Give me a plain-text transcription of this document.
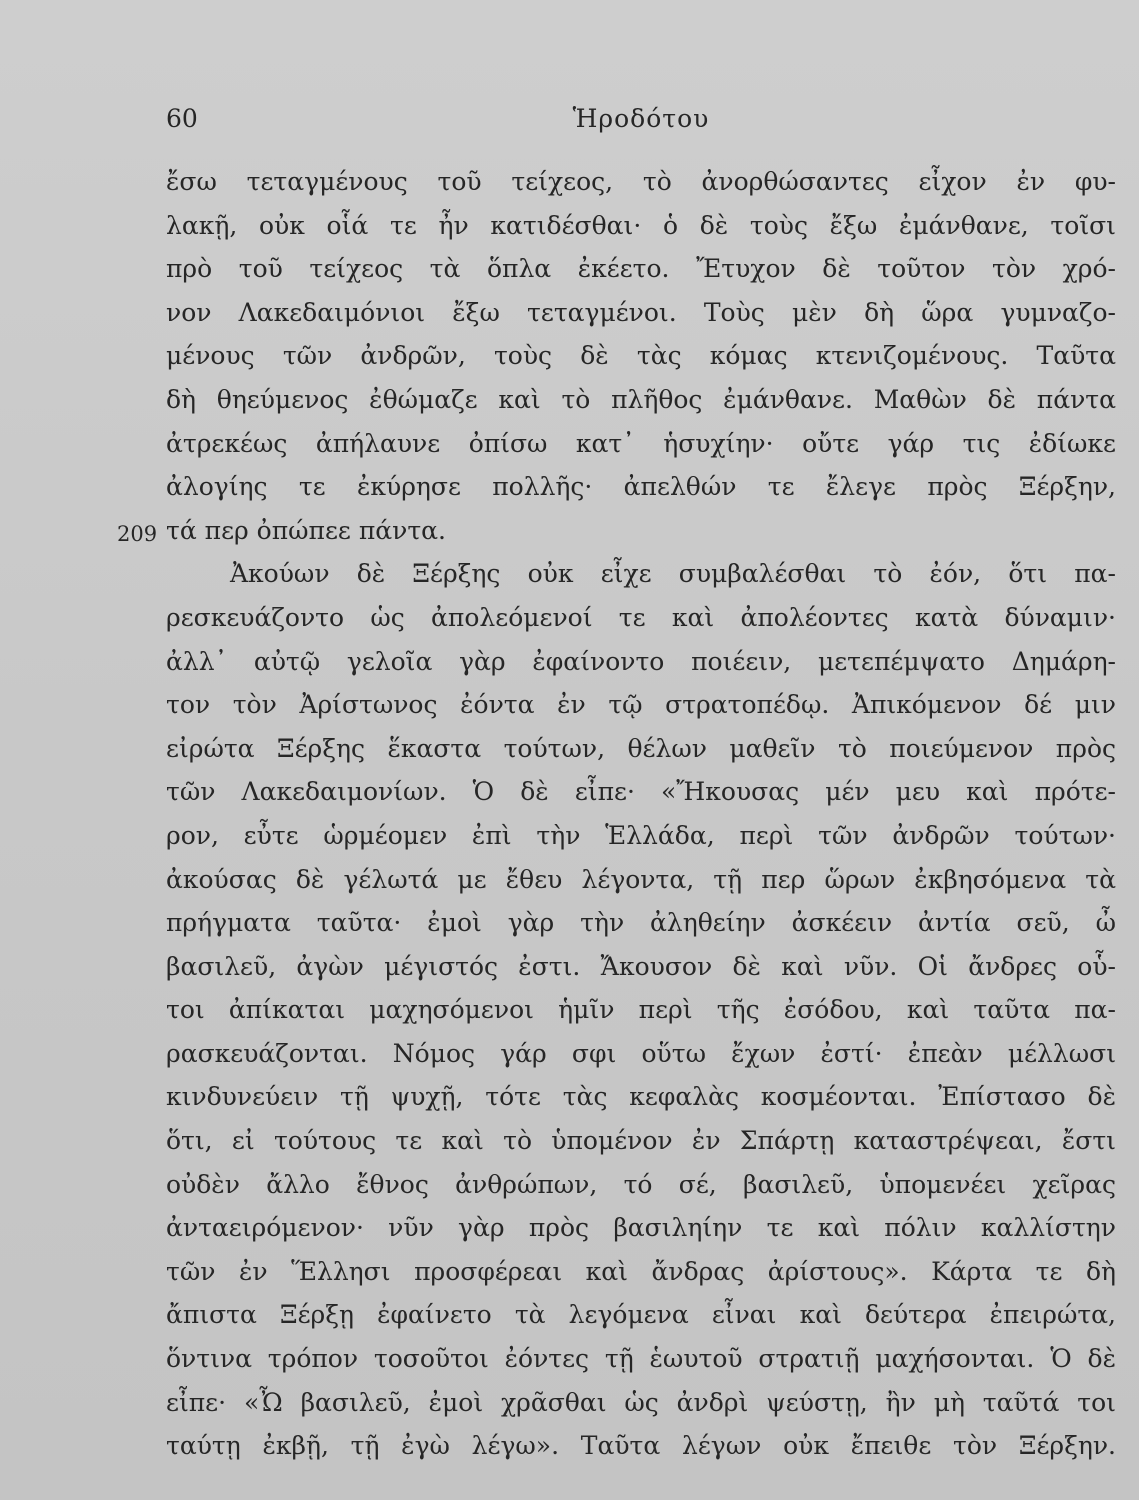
60	Ἡροδότου
209
ἔσω τεταγμένους τοῦ τείχεος, τὸ ἀνορθώσαντες εἶχον ἐν φυ-
λακῇ, οὐκ οἷά τε ἦν κατιδέσθαι· ὁ δὲ τοὺς ἔξω ἐμάνθανε, τοῖσι
πρὸ τοῦ τείχεος τὰ ὅπλα ἐκέετο. Ἔτυχον δὲ τοῦτον τὸν χρό-
νον Λακεδαιμόνιοι ἔξω τεταγμένοι. Τοὺς μὲν δὴ ὥρα γυμναζο-
μένους τῶν ἀνδρῶν, τοὺς δὲ τὰς κόμας κτενιζομένους. Ταῦτα
δὴ θηεύμενος ἐθώμαζε καὶ τὸ πλῆθος ἐμάνθανε. Μαθὼν δὲ πάντα
ἀτρεκέως ἀπήλαυνε ὀπίσω κατ᾽ ἡσυχίην· οὔτε γάρ τις ἐδίωκε
ἀλογίης τε ἐκύρησε πολλῆς· ἀπελθών τε ἔλεγε πρὸς Ξέρξην,
τά περ ὀπώπεε πάντα.
Ἀκούων δὲ Ξέρξης οὐκ εἶχε συμβαλέσθαι τὸ ἐόν, ὅτι πα-
ρεσκευάζοντο ὡς ἀπολεόμενοί τε καὶ ἀπολέοντες κατὰ δύναμιν·
ἀλλ᾽ αὐτῷ γελοῖα γὰρ ἐφαίνοντο ποιέειν, μετεπέμψατο Δημάρη-
τον τὸν Ἀρίστωνος ἐόντα ἐν τῷ στρατοπέδῳ. Ἀπικόμενον δέ μιν
εἰρώτα Ξέρξης ἕκαστα τούτων, θέλων μαθεῖν τὸ ποιεύμενον πρὸς
τῶν Λακεδαιμονίων. Ὁ δὲ εἶπε· «Ἤκουσας μέν μευ καὶ πρότε-
ρον, εὖτε ὡρμέομεν ἐπὶ τὴν Ἑλλάδα, περὶ τῶν ἀνδρῶν τούτων·
ἀκούσας δὲ γέλωτά με ἔθευ λέγοντα, τῇ περ ὥρων ἐκβησόμενα τὰ
πρήγματα ταῦτα· ἐμοὶ γὰρ τὴν ἀληθείην ἀσκέειν ἀντία σεῦ, ὦ
βασιλεῦ, ἀγὼν μέγιστός ἐστι. Ἄκουσον δὲ καὶ νῦν. Οἱ ἄνδρες οὗ-
τοι ἀπίκαται μαχησόμενοι ἡμῖν περὶ τῆς ἐσόδου, καὶ ταῦτα πα-
ρασκευάζονται. Νόμος γάρ σφι οὕτω ἔχων ἐστί· ἐπεὰν μέλλωσι
κινδυνεύειν τῇ ψυχῇ, τότε τὰς κεφαλὰς κοσμέονται. Ἐπίστασο δὲ
ὅτι, εἰ τούτους τε καὶ τὸ ὑπομένον ἐν Σπάρτῃ καταστρέψεαι, ἔστι
οὐδὲν ἄλλο ἔθνος ἀνθρώπων, τό σέ, βασιλεῦ, ὑπομενέει χεῖρας
ἀνταειρόμενον· νῦν γὰρ πρὸς βασιληίην τε καὶ πόλιν καλλίστην
τῶν ἐν Ἕλλησι προσφέρεαι καὶ ἄνδρας ἀρίστους». Κάρτα τε δὴ
ἄπιστα Ξέρξῃ ἐφαίνετο τὰ λεγόμενα εἶναι καὶ δεύτερα ἐπειρώτα,
ὅντινα τρόπον τοσοῦτοι ἐόντες τῇ ἑωυτοῦ στρατιῇ μαχήσονται. Ὁ δὲ
εἶπε· «Ὦ βασιλεῦ, ἐμοὶ χρᾶσθαι ὡς ἀνδρὶ ψεύστῃ, ἢν μὴ ταῦτά τοι
ταύτῃ ἐκβῇ, τῇ ἐγὼ λέγω». Ταῦτα λέγων οὐκ ἔπειθε τὸν Ξέρξην.
